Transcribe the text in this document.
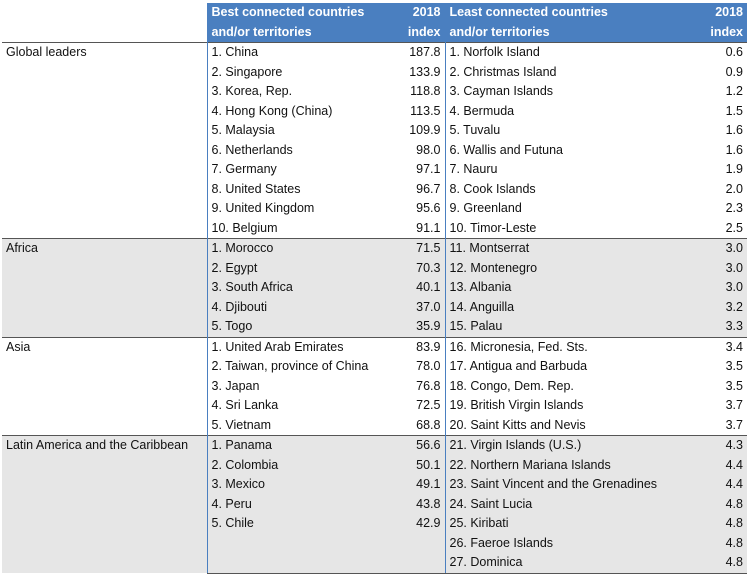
	Best connected countries	2018	Least connected countries	2018
	and/or territories	index	and/or territories	index
Global leaders	1. China	187.8	1. Norfolk Island	0.6
	2. Singapore	133.9	2. Christmas Island	0.9
	3. Korea, Rep.	118.8	3. Cayman Islands	1.2
	4. Hong Kong (China)	113.5	4. Bermuda	1.5
	5. Malaysia	109.9	5. Tuvalu	1.6
	6. Netherlands	98.0	6. Wallis and Futuna	1.6
	7. Germany	97.1	7. Nauru	1.9
	8. United States	96.7	8. Cook Islands	2.0
	9. United Kingdom	95.6	9. Greenland	2.3
	10. Belgium	91.1	10. Timor-Leste	2.5
Africa	1. Morocco	71.5	11. Montserrat	3.0
	2. Egypt	70.3	12. Montenegro	3.0
	3. South Africa	40.1	13. Albania	3.0
	4. Djibouti	37.0	14. Anguilla	3.2
	5. Togo	35.9	15. Palau	3.3
Asia	1. United Arab Emirates	83.9	16. Micronesia, Fed. Sts.	3.4
	2. Taiwan, province of China	78.0	17. Antigua and Barbuda	3.5
	3. Japan	76.8	18. Congo, Dem. Rep.	3.5
	4. Sri Lanka	72.5	19. British Virgin Islands	3.7
	5. Vietnam	68.8	20. Saint Kitts and Nevis	3.7
Latin America and the Caribbean	1. Panama	56.6	21. Virgin Islands (U.S.)	4.3
	2. Colombia	50.1	22. Northern Mariana Islands	4.4
	3. Mexico	49.1	23. Saint Vincent and the Grenadines	4.4
	4. Peru	43.8	24. Saint Lucia	4.8
	5. Chile	42.9	25. Kiribati	4.8
			26. Faeroe Islands	4.8
			27. Dominica	4.8
